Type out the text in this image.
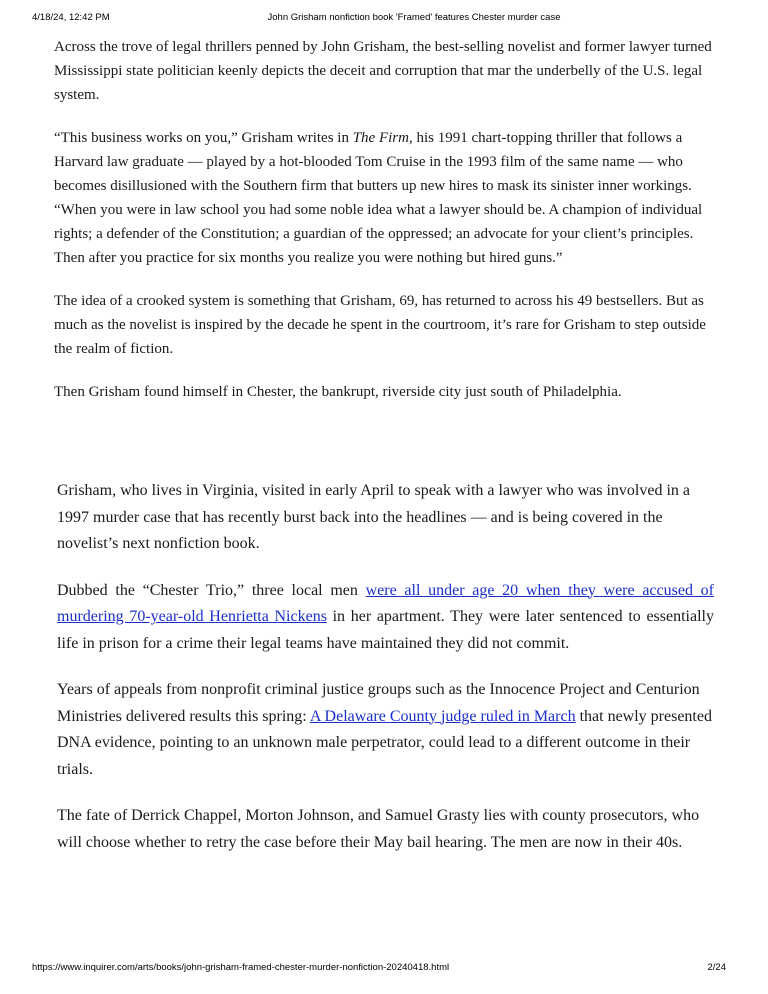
4/18/24, 12:42 PM	John Grisham nonfiction book 'Framed' features Chester murder case

Across the trove of legal thrillers penned by John Grisham, the best-selling novelist and former lawyer turned Mississippi state politician keenly depicts the deceit and corruption that mar the underbelly of the U.S. legal system.

“This business works on you,” Grisham writes in The Firm, his 1991 chart-topping thriller that follows a Harvard law graduate — played by a hot-blooded Tom Cruise in the 1993 film of the same name — who becomes disillusioned with the Southern firm that butters up new hires to mask its sinister inner workings. “When you were in law school you had some noble idea what a lawyer should be. A champion of individual rights; a defender of the Constitution; a guardian of the oppressed; an advocate for your client’s principles. Then after you practice for six months you realize you were nothing but hired guns.”

The idea of a crooked system is something that Grisham, 69, has returned to across his 49 bestsellers. But as much as the novelist is inspired by the decade he spent in the courtroom, it’s rare for Grisham to step outside the realm of fiction.

Then Grisham found himself in Chester, the bankrupt, riverside city just south of Philadelphia.

Grisham, who lives in Virginia, visited in early April to speak with a lawyer who was involved in a 1997 murder case that has recently burst back into the headlines — and is being covered in the novelist’s next nonfiction book.

Dubbed the “Chester Trio,” three local men were all under age 20 when they were accused of murdering 70-year-old Henrietta Nickens in her apartment. They were later sentenced to essentially life in prison for a crime their legal teams have maintained they did not commit.

Years of appeals from nonprofit criminal justice groups such as the Innocence Project and Centurion Ministries delivered results this spring: A Delaware County judge ruled in March that newly presented DNA evidence, pointing to an unknown male perpetrator, could lead to a different outcome in their trials.

The fate of Derrick Chappel, Morton Johnson, and Samuel Grasty lies with county prosecutors, who will choose whether to retry the case before their May bail hearing. The men are now in their 40s.

https://www.inquirer.com/arts/books/john-grisham-framed-chester-murder-nonfiction-20240418.html	2/24
